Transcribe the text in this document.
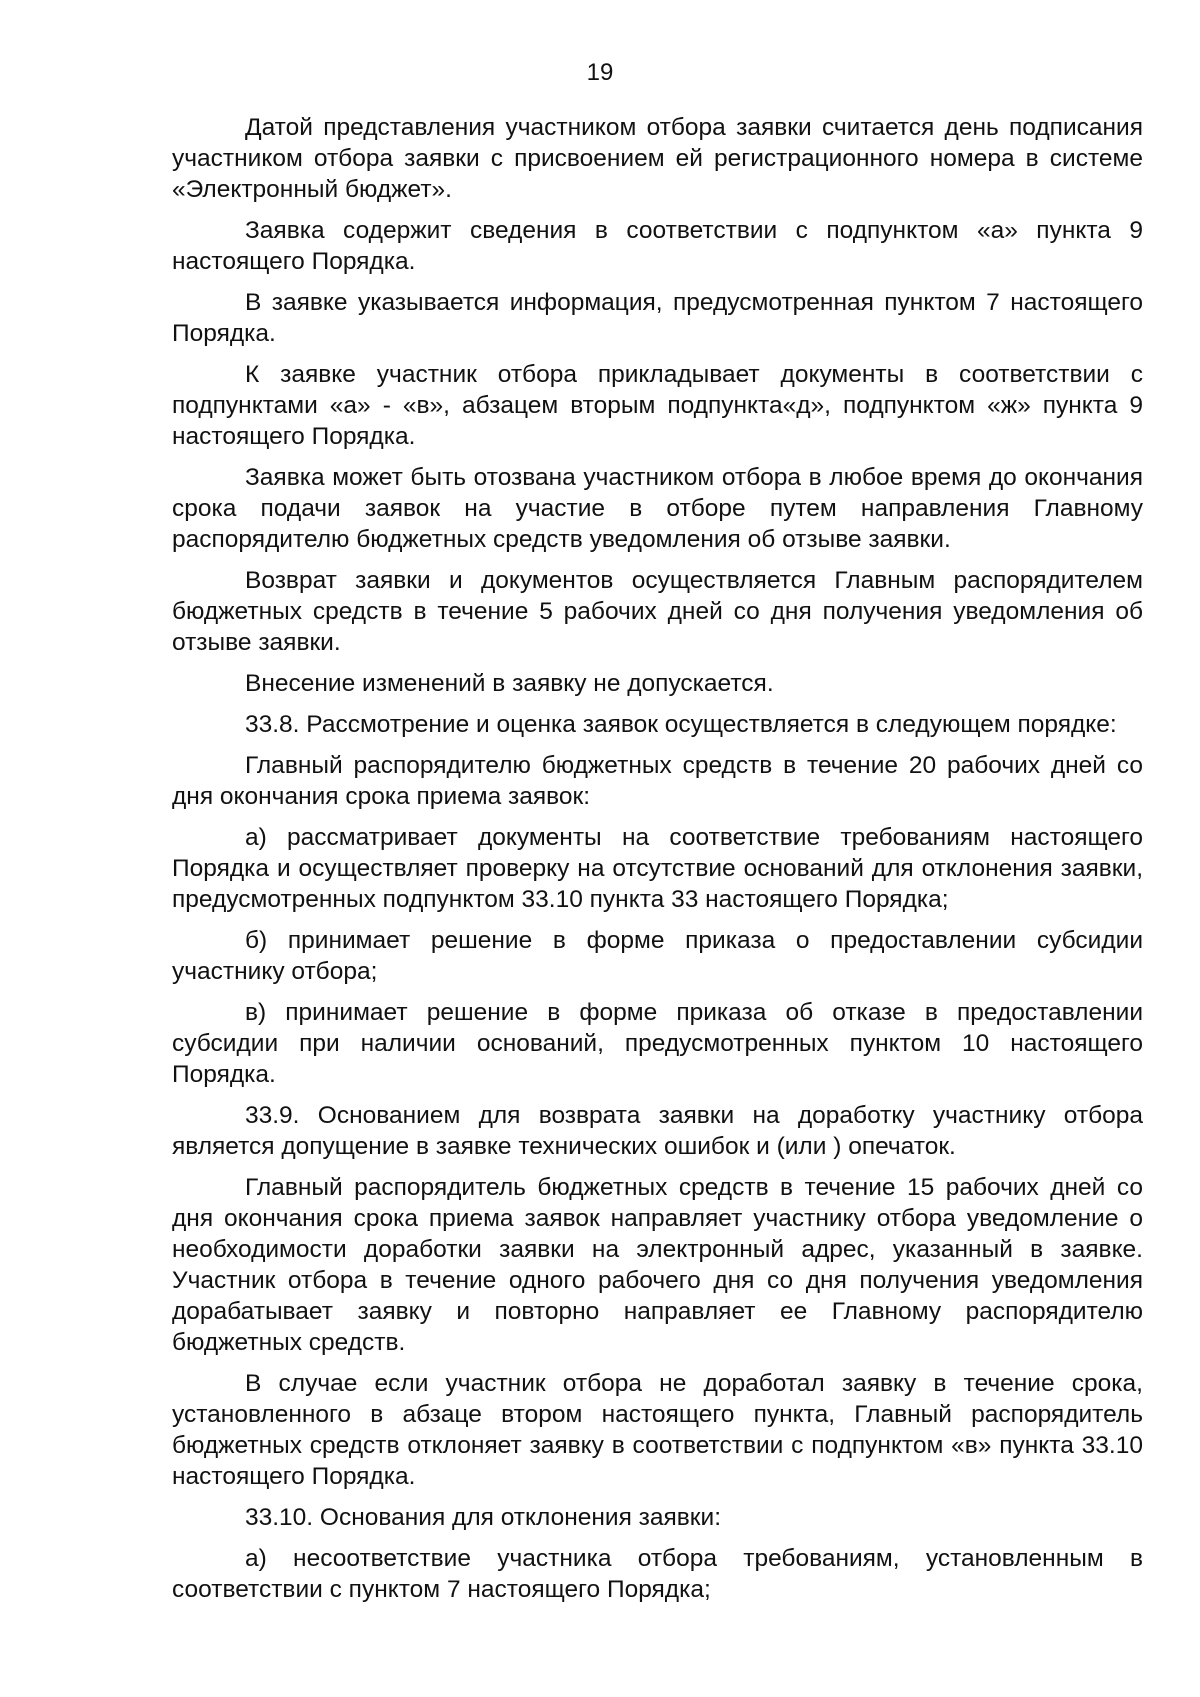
19

Датой представления участником отбора заявки считается день подписания участником отбора заявки с присвоением ей регистрационного номера в системе «Электронный бюджет».

Заявка содержит сведения в соответствии с подпунктом «а» пункта 9 настоящего Порядка.

В заявке указывается информация, предусмотренная пунктом 7 настоящего Порядка.

К заявке участник отбора прикладывает документы в соответствии с подпунктами «а» - «в», абзацем вторым подпункта«д», подпунктом «ж» пункта 9 настоящего Порядка.

Заявка может быть отозвана участником отбора в любое время до окончания срока подачи заявок на участие в отборе путем направления Главному распорядителю бюджетных средств уведомления об отзыве заявки.

Возврат заявки и документов осуществляется Главным распорядителем бюджетных средств в течение 5 рабочих дней со дня получения уведомления об отзыве заявки.

Внесение изменений в заявку не допускается.

33.8. Рассмотрение и оценка заявок осуществляется в следующем порядке:

Главный распорядителю бюджетных средств в течение 20 рабочих дней со дня окончания срока приема заявок:

а) рассматривает документы на соответствие требованиям настоящего Порядка и осуществляет проверку на отсутствие оснований для отклонения заявки, предусмотренных подпунктом 33.10 пункта 33 настоящего Порядка;

б) принимает решение в форме приказа о предоставлении субсидии участнику отбора;

в) принимает решение в форме приказа об отказе в предоставлении субсидии при наличии оснований, предусмотренных пунктом 10 настоящего Порядка.

33.9. Основанием для возврата заявки на доработку участнику отбора является допущение в заявке технических ошибок и (или ) опечаток.

Главный распорядитель бюджетных средств в течение 15 рабочих дней со дня окончания срока приема заявок направляет участнику отбора уведомление о необходимости доработки заявки на электронный адрес, указанный в заявке. Участник отбора в течение одного рабочего дня со дня получения уведомления дорабатывает заявку и повторно направляет ее Главному распорядителю бюджетных средств.

В случае если участник отбора не доработал заявку в течение срока, установленного в абзаце втором настоящего пункта, Главный распорядитель бюджетных средств отклоняет заявку в соответствии с подпунктом «в» пункта 33.10 настоящего Порядка.

33.10. Основания для отклонения заявки:

а) несоответствие участника отбора требованиям, установленным в соответствии с пунктом 7 настоящего Порядка;
